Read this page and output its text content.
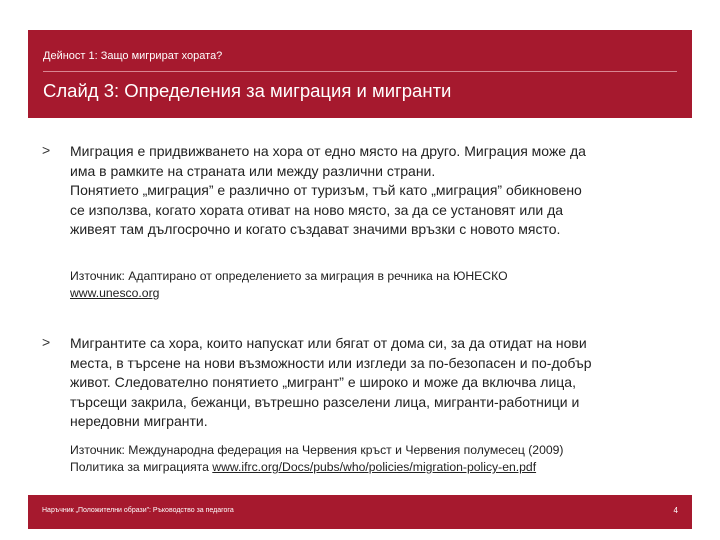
Дейност 1: Защо мигрират хората?
Слайд 3: Определения за миграция и мигранти
> Миграция е придвижването на хора от едно място на друго. Миграция може да
има в рамките на страната или между различни страни.
Понятието „миграция” е различно от туризъм, тъй като „миграция” обикновено
се използва, когато хората отиват на ново място, за да се установят или да
живеят там дългосрочно и когато създават значими връзки с новото място.

Източник: Адаптирано от определението за миграция в речника на ЮНЕСКО
www.unesco.org
> Мигрантите са хора, които напускат или бягат от дома си, за да отидат на нови
места, в търсене на нови възможности или изгледи за по-безопасен и по-добър
живот. Следователно понятието „мигрант” е широко и може да включва лица,
търсещи закрила, бежанци, вътрешно разселени лица, мигранти-работници и
нередовни мигранти.

Източник: Международна федерация на Червения кръст и Червения полумесец (2009)
Политика за миграцията www.ifrc.org/Docs/pubs/who/policies/migration-policy-en.pdf
Наръчник „Положителни образи”: Ръководство за педагога	4
